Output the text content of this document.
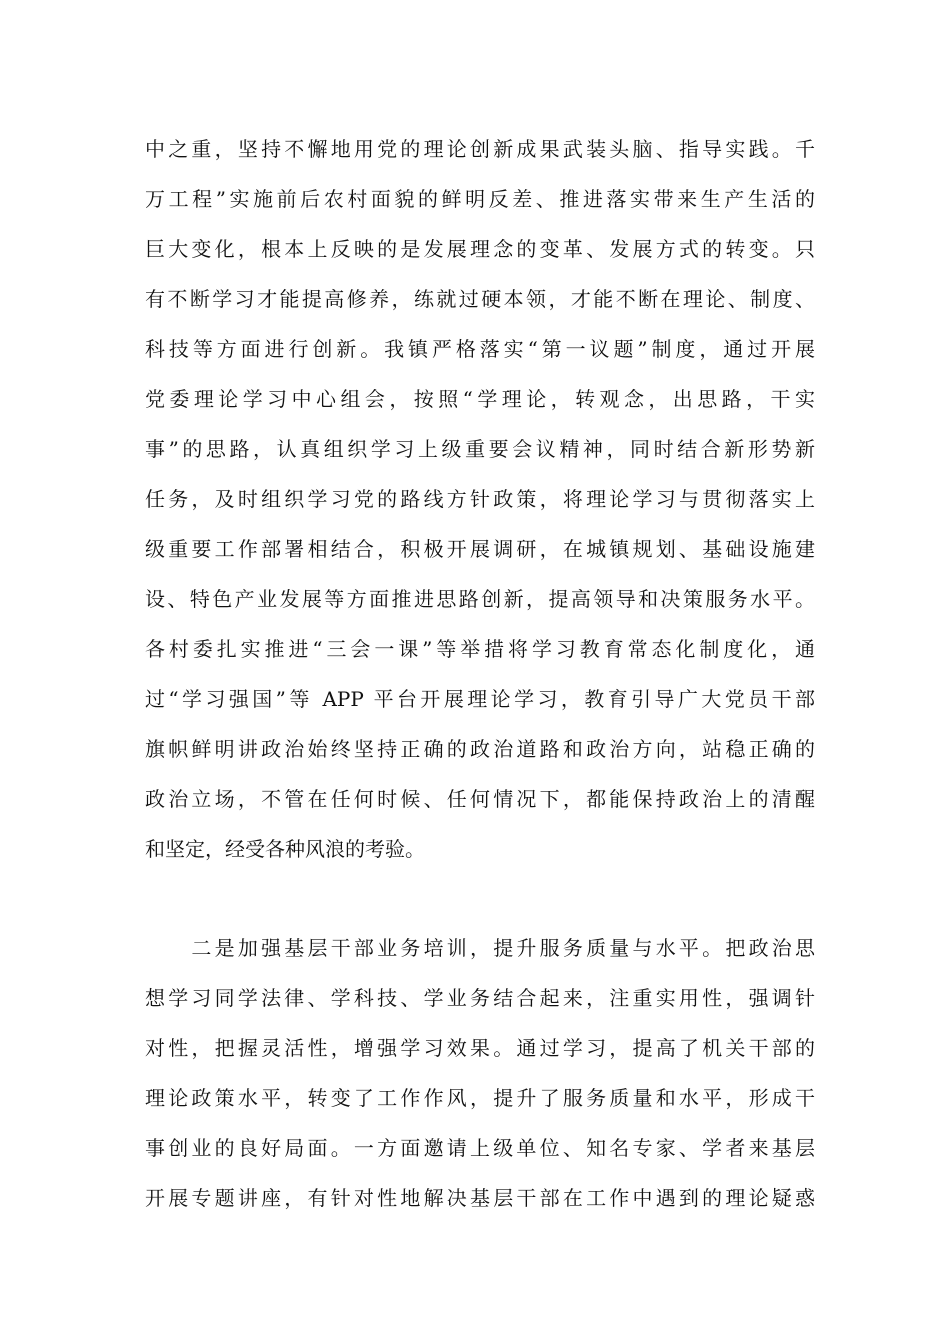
中之重，坚持不懈地用党的理论创新成果武装头脑、指导实践。千
万工程”实施前后农村面貌的鲜明反差、推进落实带来生产生活的
巨大变化，根本上反映的是发展理念的变革、发展方式的转变。只
有不断学习才能提高修养，练就过硬本领，才能不断在理论、制度、
科技等方面进行创新。我镇严格落实“第一议题”制度，通过开展
党委理论学习中心组会，按照“学理论，转观念，出思路，干实
事”的思路，认真组织学习上级重要会议精神，同时结合新形势新
任务，及时组织学习党的路线方针政策，将理论学习与贯彻落实上
级重要工作部署相结合，积极开展调研，在城镇规划、基础设施建
设、特色产业发展等方面推进思路创新，提高领导和决策服务水平。
各村委扎实推进“三会一课”等举措将学习教育常态化制度化，通
过“学习强国”等 APP 平台开展理论学习，教育引导广大党员干部
旗帜鲜明讲政治始终坚持正确的政治道路和政治方向，站稳正确的
政治立场，不管在任何时候、任何情况下，都能保持政治上的清醒
和坚定，经受各种风浪的考验。
　　二是加强基层干部业务培训，提升服务质量与水平。把政治思
想学习同学法律、学科技、学业务结合起来，注重实用性，强调针
对性，把握灵活性，增强学习效果。通过学习，提高了机关干部的
理论政策水平，转变了工作作风，提升了服务质量和水平，形成干
事创业的良好局面。一方面邀请上级单位、知名专家、学者来基层
开展专题讲座，有针对性地解决基层干部在工作中遇到的理论疑惑
